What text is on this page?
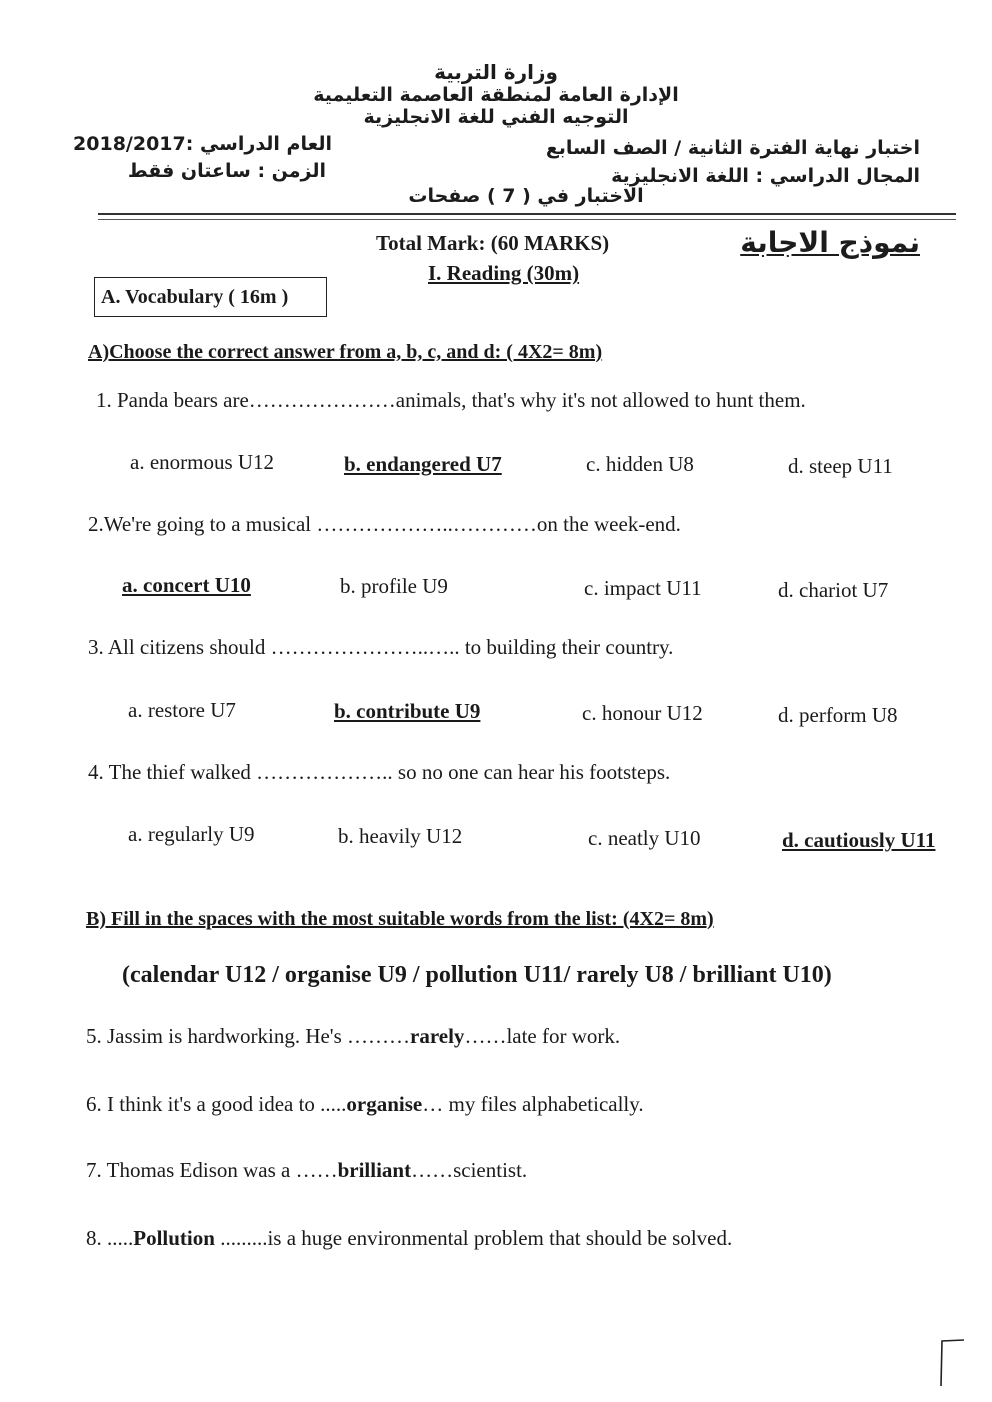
وزارة التربية
الإدارة العامة لمنطقة العاصمة التعليمية
التوجيه الفني للغة الانجليزية
اختبار نهاية الفترة الثانية / الصف السابع
المجال الدراسي : اللغة الانجليزية
العام الدراسي :2018/2017
الزمن : ساعتان فقط
الاختبار في ( 7 ) صفحات
نموذج الاجابة
Total Mark: (60 MARKS)
I. Reading (30m)
A. Vocabulary ( 16m )
A)Choose the correct answer from a, b, c, and d: ( 4X2= 8m)
1. Panda bears are…………………animals, that's why it's not allowed to hunt them.
a. enormous U12	b. endangered U7	c. hidden U8	d. steep U11
2.We're going to a musical ………………..…………on the week-end.
a. concert U10	b. profile U9	c. impact U11	d. chariot U7
3. All citizens should …………………..….. to building their country.
a. restore U7	b. contribute U9	c. honour U12	d. perform U8
4. The thief walked ……………….. so no one can hear his footsteps.
a. regularly U9	b. heavily U12	c. neatly U10	d. cautiously U11
B) Fill in the spaces with the most suitable words from the list: (4X2= 8m)
(calendar U12 / organise U9 / pollution U11/ rarely U8 / brilliant U10)
5. Jassim is hardworking. He's ………rarely……late for work.
6. I think it's a good idea to .....organise… my files alphabetically.
7. Thomas Edison was a ……brilliant……scientist.
8. .....Pollution .........is a huge environmental problem that should be solved.
